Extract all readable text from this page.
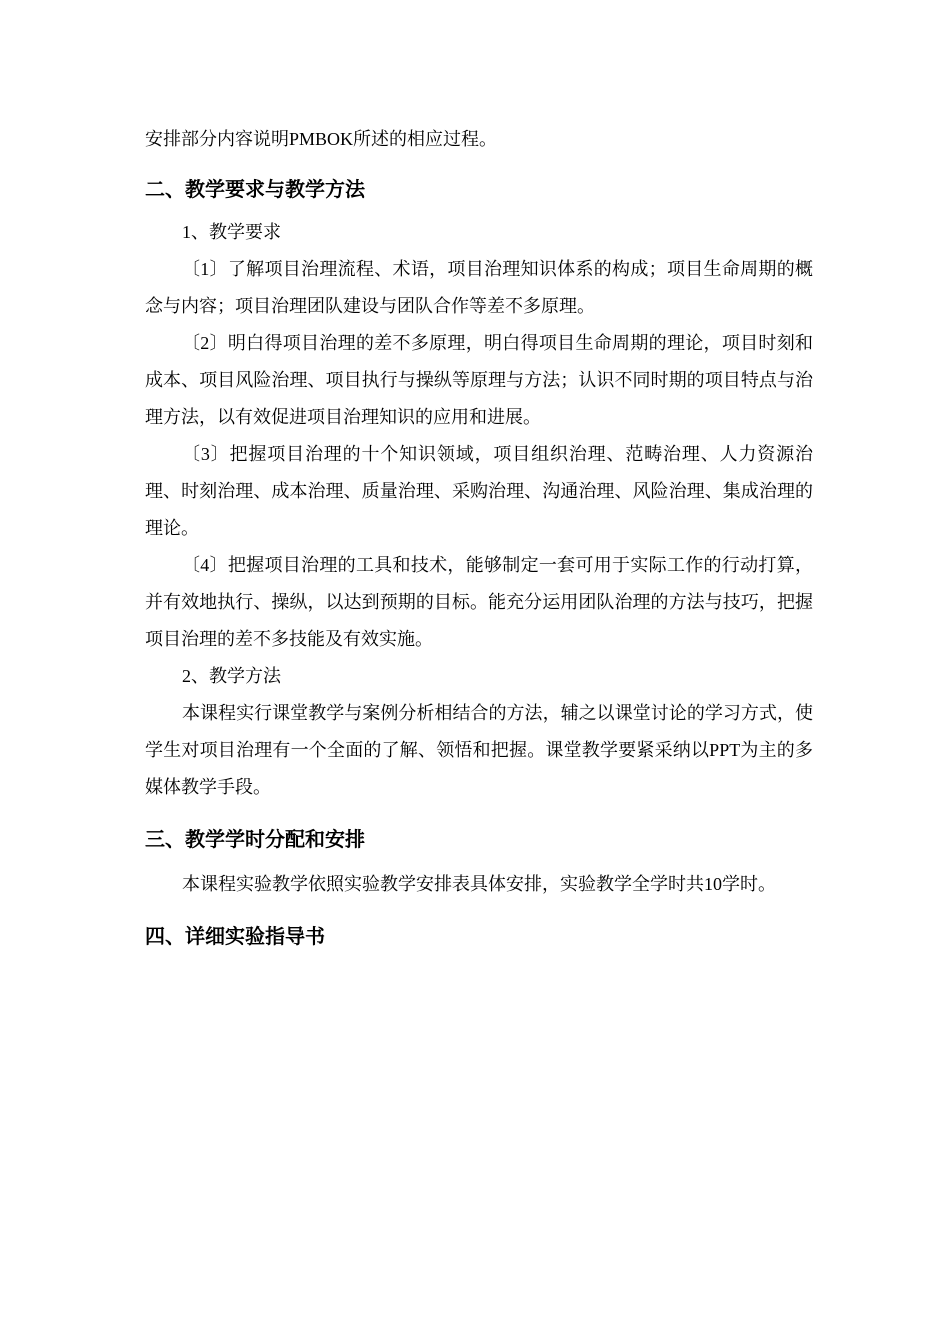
安排部分内容说明PMBOK所述的相应过程。

二、教学要求与教学方法

1、教学要求

〔1〕了解项目治理流程、术语，项目治理知识体系的构成；项目生命周期的概念与内容；项目治理团队建设与团队合作等差不多原理。

〔2〕明白得项目治理的差不多原理，明白得项目生命周期的理论，项目时刻和成本、项目风险治理、项目执行与操纵等原理与方法；认识不同时期的项目特点与治理方法，以有效促进项目治理知识的应用和进展。

〔3〕把握项目治理的十个知识领域，项目组织治理、范畴治理、人力资源治理、时刻治理、成本治理、质量治理、采购治理、沟通治理、风险治理、集成治理的理论。

〔4〕把握项目治理的工具和技术，能够制定一套可用于实际工作的行动打算，并有效地执行、操纵，以达到预期的目标。能充分运用团队治理的方法与技巧，把握项目治理的差不多技能及有效实施。

2、教学方法

本课程实行课堂教学与案例分析相结合的方法，辅之以课堂讨论的学习方式，使学生对项目治理有一个全面的了解、领悟和把握。课堂教学要紧采纳以PPT为主的多媒体教学手段。

三、教学学时分配和安排

本课程实验教学依照实验教学安排表具体安排，实验教学全学时共10学时。

四、详细实验指导书
